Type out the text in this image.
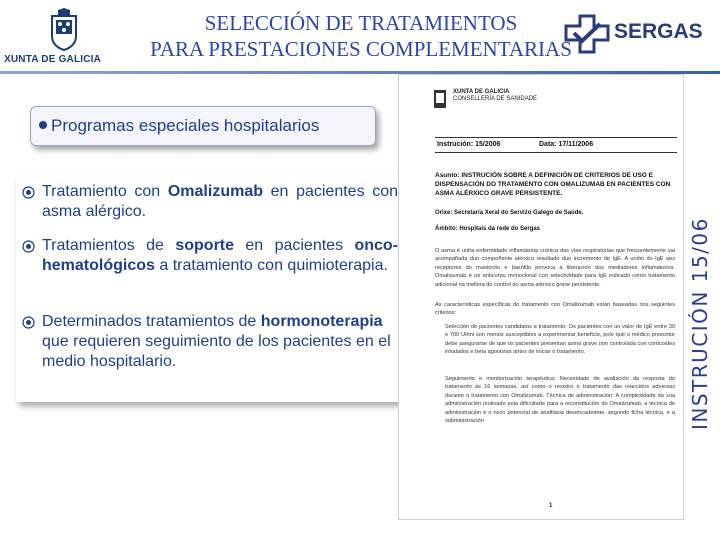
XUNTA DE GALICIA
SELECCIÓN DE TRATAMIENTOS
PARA PRESTACIONES COMPLEMENTARIAS
SERGAS
Programas especiales hospitalarios
Tratamiento con Omalizumab en pacientes con asma alérgico.
Tratamientos de soporte en pacientes onco-hematológicos a tratamiento con quimioterapia.
Determinados tratamientos de hormonoterapia que requieren seguimiento de los pacientes en el medio hospitalario.
XUNTA DE GALICIA
CONSELLERÍA DE SANIDADE
Instrución: 15/2006	Data: 17/11/2006
Asunto: INSTRUCIÓN SOBRE A DEFINICIÓN DE CRITERIOS DE USO E DISPENSACIÓN DO TRATAMENTO CON OMALIZUMAB EN PACIENTES CON ASMA ALÉRXICO GRAVE PERSISTENTE.
Orixe: Secretaría Xeral do Servizo Galego de Saúde.
Ámbito: Hospitais da rede do Sergas
O asma é unha enfermidade inflamatoria crónica das vías respiratorias que frecuentemente vai acompañada dun compoñente alérxico resultado dun incremento de IgE. A unión do IgE aos receptores do mastocito e basófilo provoca a liberación dos mediadores inflamatorios. Omalizumab é un anticorpo monoclonal con selectividade para IgE indicado como tratamento adicional na mellora do control do asma alérxico grave persistente.
As características específicas do tratamento con Omalizumab están baseadas nos seguintes criterios:
Selección de pacientes candidatos a tratamento: Os pacientes con un valor de IgE entre 30 e 700 UI/ml son menos susceptibles a experimentar beneficio, polo que o médico prescritor debe asegurarse de que os pacientes presentan asma grave non controlada con corticoides inhalados e beta agonistas antes de iniciar o tratamento.
Seguimento e monitorización terapéutica: Necesidade de avaliación da resposta do tratamento ás 16 semanas, así como o rexistro e tratamento das reaccións adversas durante o tratamento con Omalizumab. Técnica de administración: A complexidade da súa administración motivado pola dificultade para a reconstitución do Omalizumab, a técnica de administración e o risco potencial de anafilaxia desencadeante, segundo ficha técnica, e a subministración
1
INSTRUCIÓN 15/06
